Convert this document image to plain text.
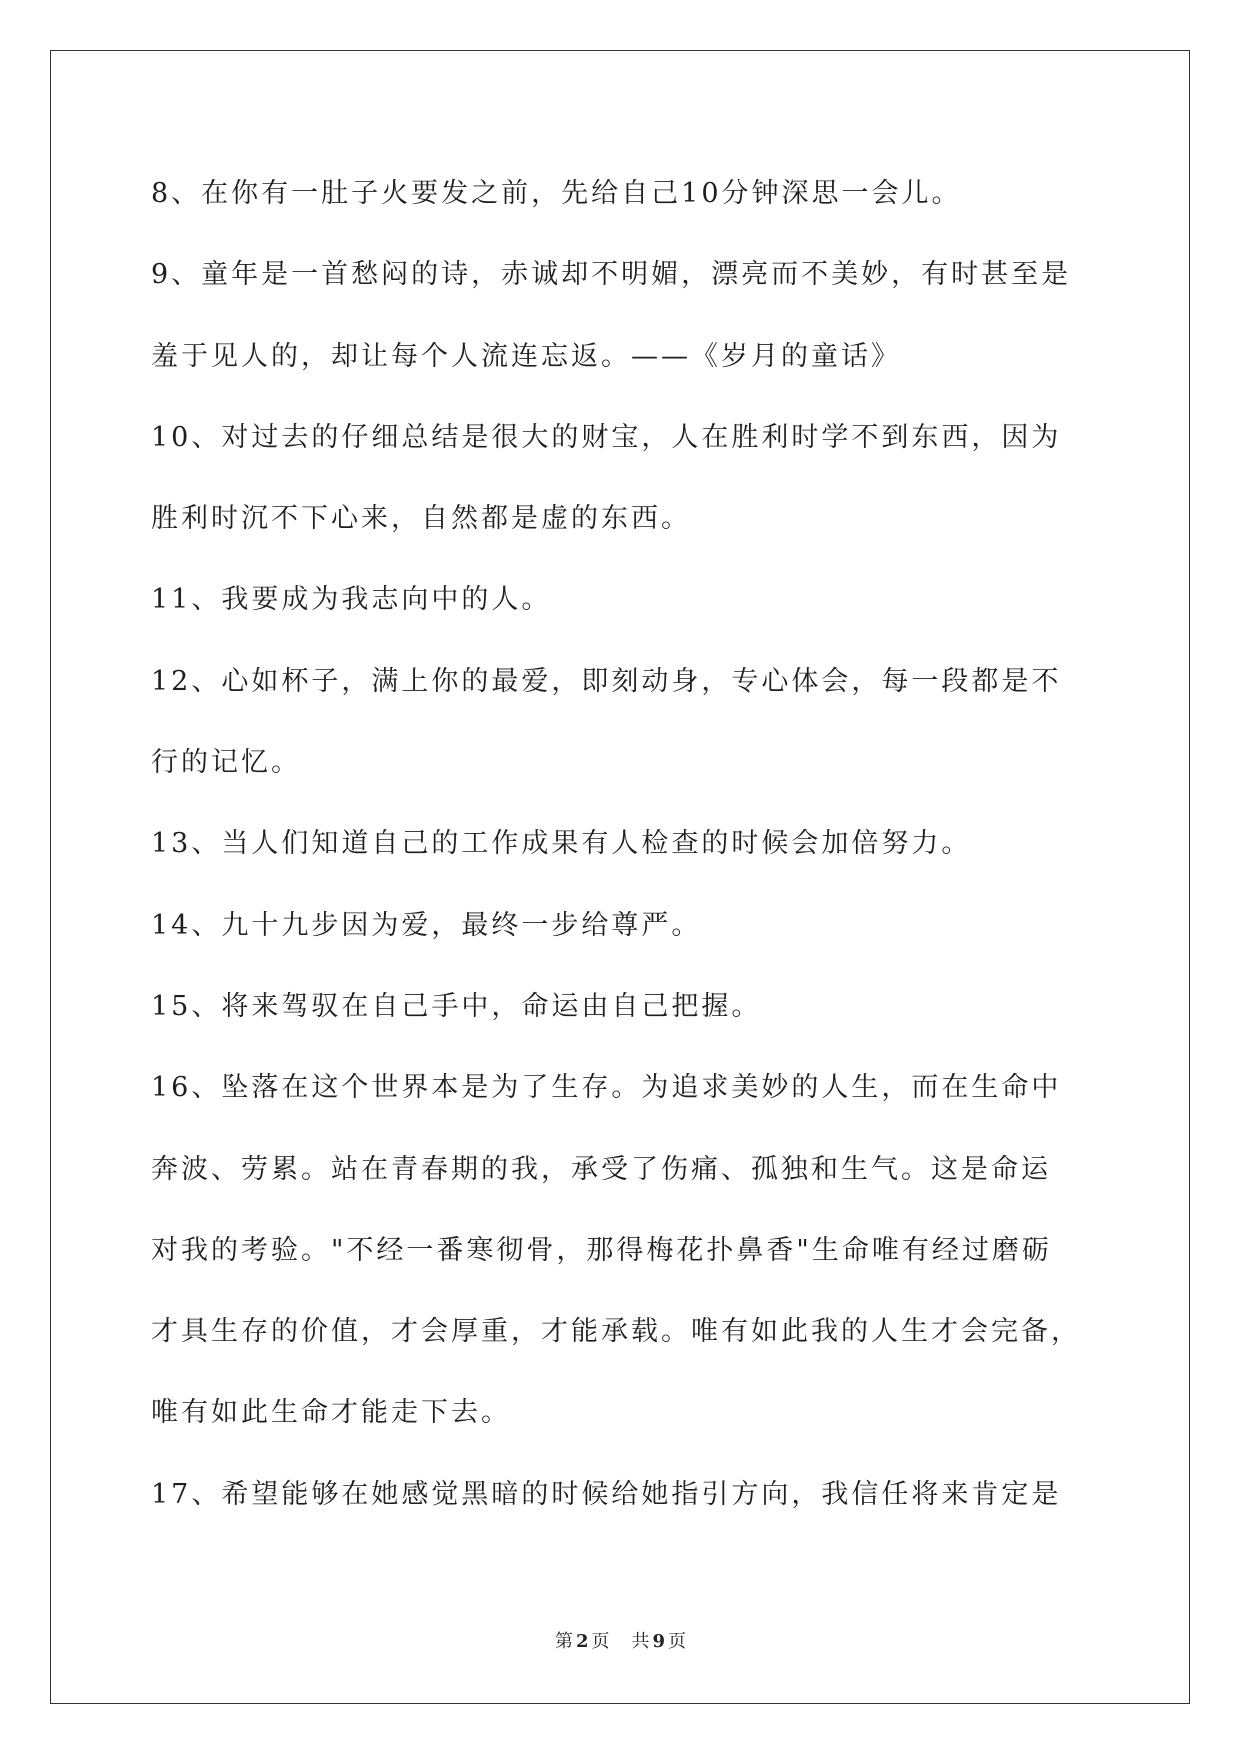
8、在你有一肚子火要发之前，先给自己10分钟深思一会儿。
9、童年是一首愁闷的诗，赤诚却不明媚，漂亮而不美妙，有时甚至是
羞于见人的，却让每个人流连忘返。——《岁月的童话》
10、对过去的仔细总结是很大的财宝，人在胜利时学不到东西，因为
胜利时沉不下心来，自然都是虚的东西。
11、我要成为我志向中的人。
12、心如杯子，满上你的最爱，即刻动身，专心体会，每一段都是不
行的记忆。
13、当人们知道自己的工作成果有人检查的时候会加倍努力。
14、九十九步因为爱，最终一步给尊严。
15、将来驾驭在自己手中，命运由自己把握。
16、坠落在这个世界本是为了生存。为追求美妙的人生，而在生命中
奔波、劳累。站在青春期的我，承受了伤痛、孤独和生气。这是命运
对我的考验。"不经一番寒彻骨，那得梅花扑鼻香"生命唯有经过磨砺
才具生存的价值，才会厚重，才能承载。唯有如此我的人生才会完备，
唯有如此生命才能走下去。
17、希望能够在她感觉黑暗的时候给她指引方向，我信任将来肯定是
第 2 页 共 9 页
